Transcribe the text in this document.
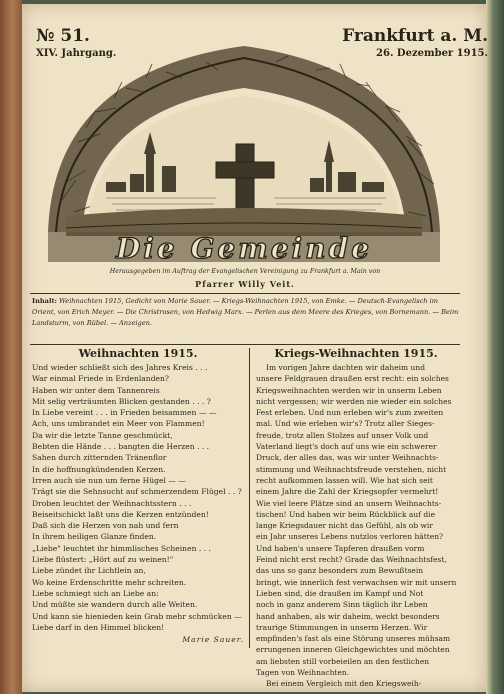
№ 51.
XIV. Jahrgang.
Frankfurt a. M.
26. Dezember 1915.
Die Gemeinde
Herausgegeben im Auftrag der Evangelischen Vereinigung zu Frankfurt a. Main von
Pfarrer Willy Veit.
Inhalt: Weihnachten 1915, Gedicht von Marie Sauer. — Kriegs-Weihnachten 1915, von Emke. — Deutsch-Evangelisch im Orient, von Erich Meyer. — Die Christrosen, von Hedwig Marx. — Perlen aus dem Meere des Krieges, von Bornemann. — Beim Landsturm, von Rübel. — Anzeigen.
Weihnachten 1915.	Kriegs-Weihnachten 1915.
Und wieder schließt sich des Jahres Kreis . . .
War einmal Friede in Erdenlanden?
Haben wir unter dem Tannenreis
Mit selig verträumten Blicken gestanden . . . ?
In Liebe vereint . . . in Frieden beisammen — —
Ach, uns umbrandet ein Meer von Flammen!
Da wir die letzte Tanne geschmückt,
Bebten die Hände . . . bangten die Herzen . . .
Sahen durch zitternden Tränenflor
In die hoffnungkündenden Kerzen.
Irren auch sie nun um ferne Hügel — —
Trägt sie die Sehnsucht auf schmerzendem Flügel . . ?
Droben leuchtet der Weihnachtsstern . . .
Beiseitschickt laßt uns die Kerzen entzünden!
Daß sich die Herzen von nah und fern
In ihrem heiligen Glanze finden.
„Liebe" leuchtet ihr himmlisches Scheinen . . .
Liebe flüstert: „Hört auf zu weinen!"
Liebe zündet ihr Lichtlein an,
Wo keine Erdenschritte mehr schreiten.
Liebe schmiegt sich an Liebe an:
Und müßte sie wandern durch alle Weiten.
Und kann sie hienieden kein Grab mehr schmücken —
Liebe darf in den Himmel blicken!
Marie Sauer.
Im vorigen Jahre dachten wir daheim und
unsere Feldgrauen draußen erst recht: ein solches
Kriegsweihnachten werden wir in unserm Leben
nicht vergessen; wir werden nie wieder ein solches
Fest erleben. Und nun erleben wir's zum zweiten
mal. Und wie erleben wir's? Trotz aller Sieges-
freude, trotz allen Stolzes auf unser Volk und
Vaterland liegt's doch auf uns wie ein schwerer
Druck, der alles das, was wir unter Weihnachts-
stimmung und Weihnachtsfreude verstehen, nicht
recht aufkommen lassen will. Wie hat sich seit
einem Jahre die Zahl der Kriegsopfer vermehrt!
Wie viel leere Plätze sind an unsern Weihnachts-
tischen! Und haben wir beim Rückblick auf die
lange Kriegsdauer nicht das Gefühl, als ob wir
ein Jahr unseres Lebens nutzlos verloren hätten?
Und haben's unsere Tapferen draußen vorm
Feind nicht erst recht? Grade das Weihnachtsfest,
das uns so ganz besonders zum Bewußtsein
bringt, wie innerlich fest verwachsen wir mit unsern
Lieben sind, die draußen im Kampf und Not
noch in ganz anderem Sinn täglich ihr Leben
hand anhaben, als wir daheim, weckt besonders
traurige Stimmungen in unserm Herzen. Wir
empfinden's fast als eine Störung unseres mühsam
errungenen inneren Gleichgewichtes und möchten
am liebsten still vorbeieilen an den festlichen
Tagen von Weihnachten.
Bei einem Vergleich mit den Kriegsweih-
